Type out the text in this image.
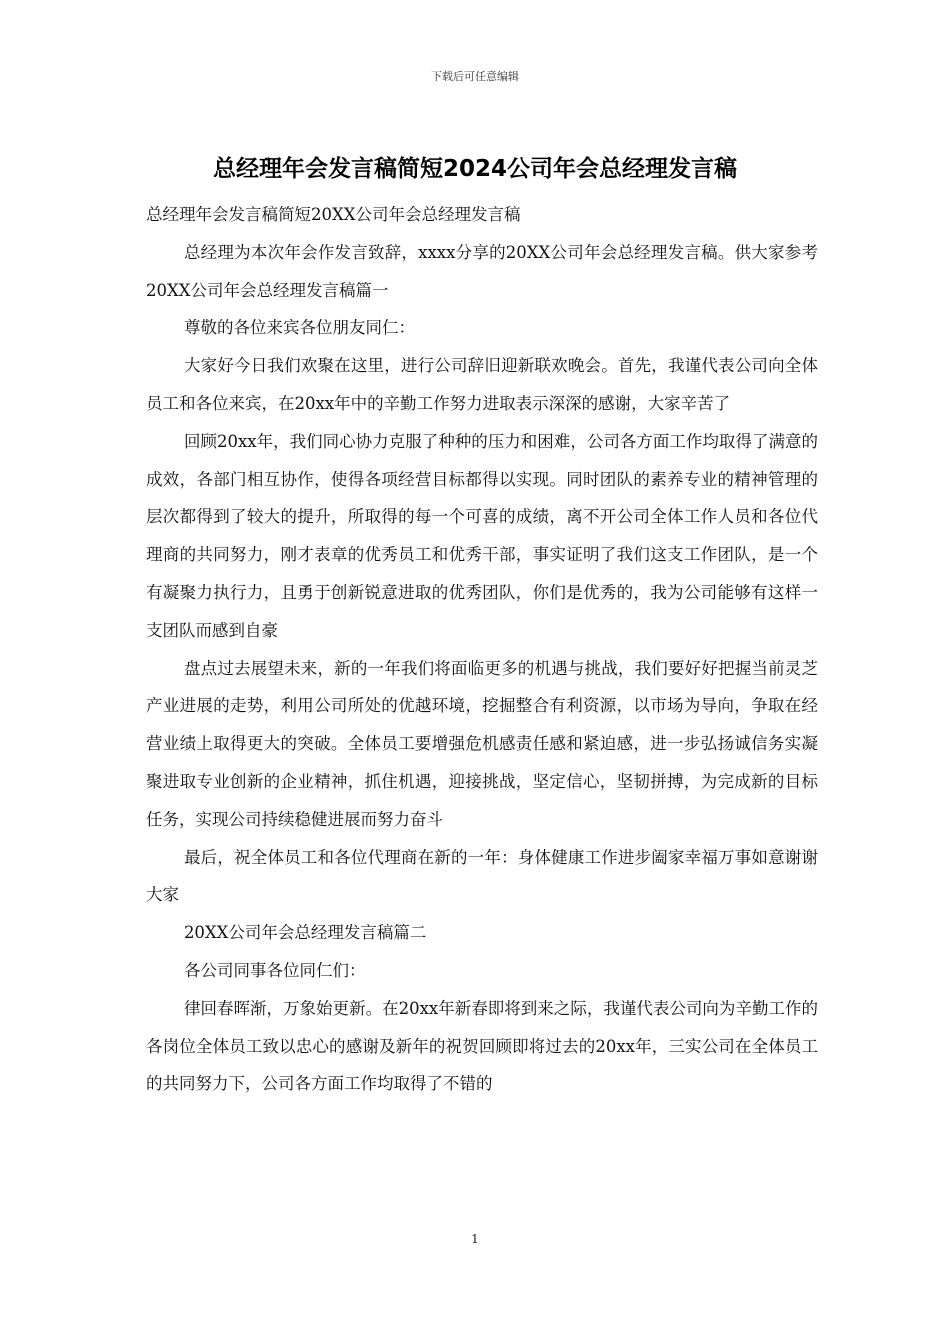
下载后可任意编辑
总经理年会发言稿简短2024公司年会总经理发言稿

总经理年会发言稿简短20XX公司年会总经理发言稿

总经理为本次年会作发言致辞，xxxx分享的20XX公司年会总经理发言稿。供大家参考20XX公司年会总经理发言稿篇一

尊敬的各位来宾各位朋友同仁：

大家好今日我们欢聚在这里，进行公司辞旧迎新联欢晚会。首先，我谨代表公司向全体员工和各位来宾，在20xx年中的辛勤工作努力进取表示深深的感谢，大家辛苦了

回顾20xx年，我们同心协力克服了种种的压力和困难，公司各方面工作均取得了满意的成效，各部门相互协作，使得各项经营目标都得以实现。同时团队的素养专业的精神管理的层次都得到了较大的提升，所取得的每一个可喜的成绩，离不开公司全体工作人员和各位代理商的共同努力，刚才表章的优秀员工和优秀干部，事实证明了我们这支工作团队，是一个有凝聚力执行力，且勇于创新锐意进取的优秀团队，你们是优秀的，我为公司能够有这样一支团队而感到自豪

盘点过去展望未来，新的一年我们将面临更多的机遇与挑战，我们要好好把握当前灵芝产业进展的走势，利用公司所处的优越环境，挖掘整合有利资源，以市场为导向，争取在经营业绩上取得更大的突破。全体员工要增强危机感责任感和紧迫感，进一步弘扬诚信务实凝聚进取专业创新的企业精神，抓住机遇，迎接挑战，坚定信心，坚韧拼搏，为完成新的目标任务，实现公司持续稳健进展而努力奋斗

最后，祝全体员工和各位代理商在新的一年：身体健康工作进步阖家幸福万事如意谢谢大家

20XX公司年会总经理发言稿篇二

各公司同事各位同仁们：

律回春晖渐，万象始更新。在20xx年新春即将到来之际，我谨代表公司向为辛勤工作的各岗位全体员工致以忠心的感谢及新年的祝贺回顾即将过去的20xx年，三实公司在全体员工的共同努力下，公司各方面工作均取得了不错的

1
